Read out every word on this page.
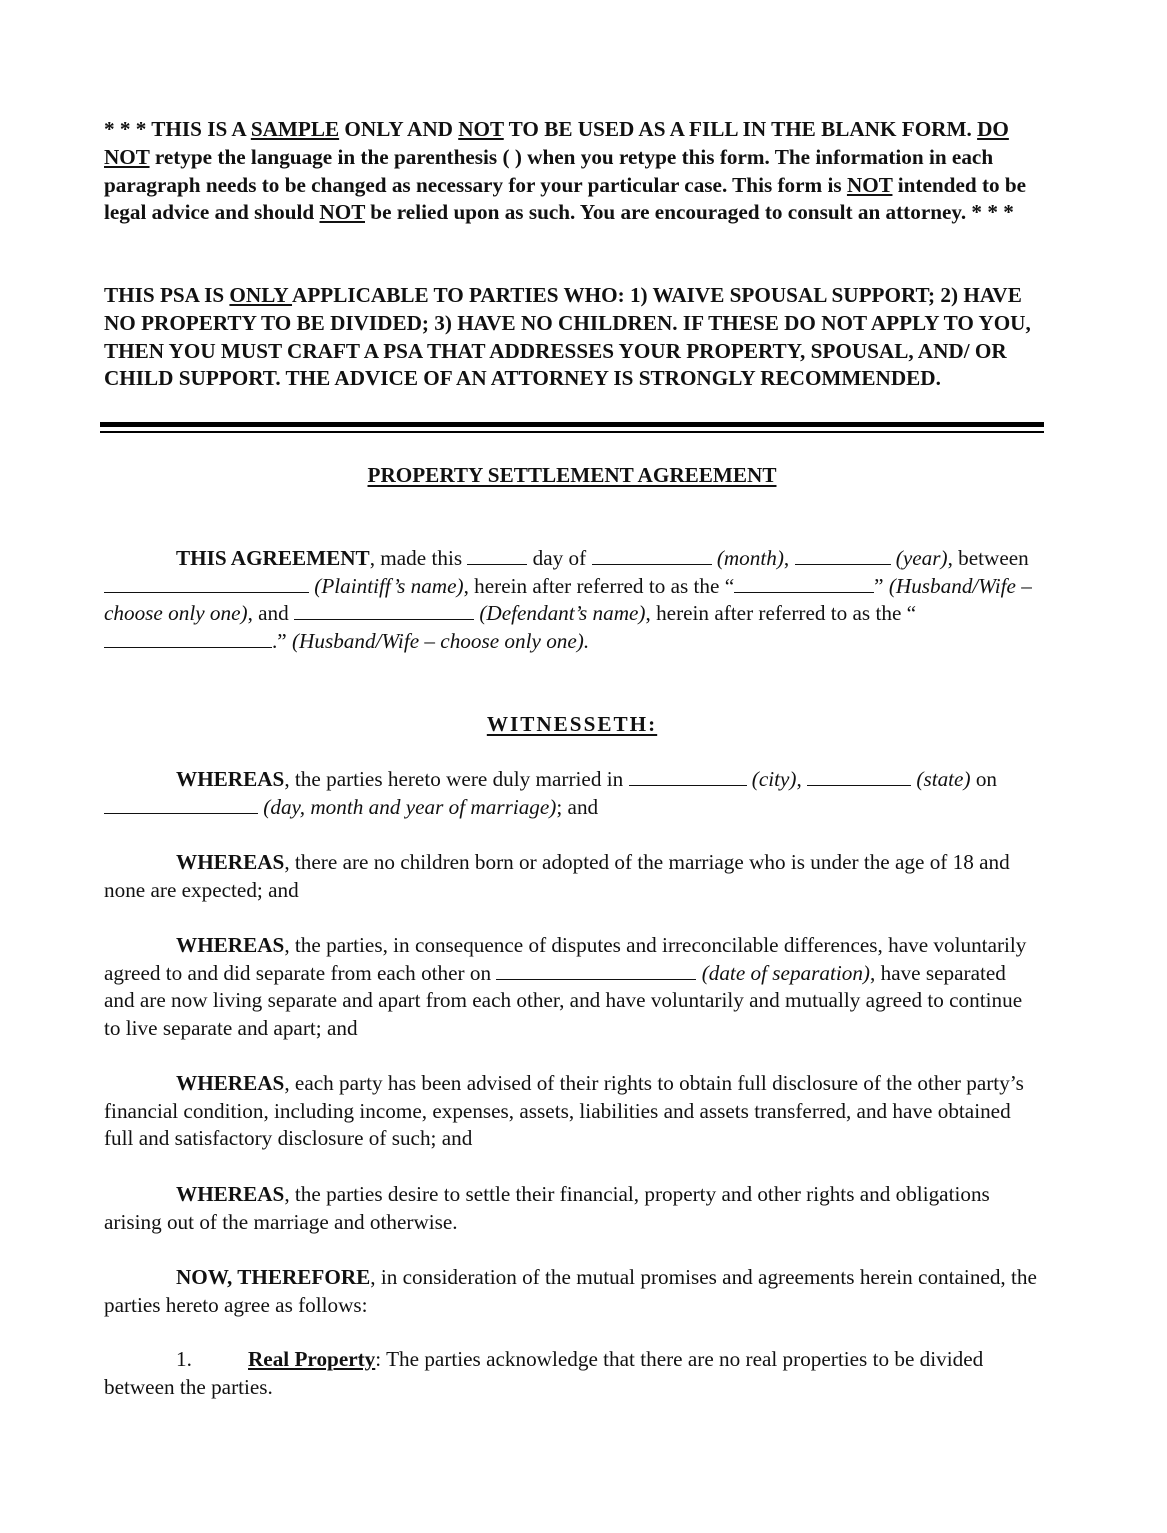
* * * THIS IS A SAMPLE ONLY AND NOT TO BE USED AS A FILL IN THE BLANK FORM. DO NOT retype the language in the parenthesis ( ) when you retype this form. The information in each paragraph needs to be changed as necessary for your particular case. This form is NOT intended to be legal advice and should NOT be relied upon as such. You are encouraged to consult an attorney. * * *

THIS PSA IS ONLY APPLICABLE TO PARTIES WHO: 1) WAIVE SPOUSAL SUPPORT; 2) HAVE NO PROPERTY TO BE DIVIDED; 3) HAVE NO CHILDREN. IF THESE DO NOT APPLY TO YOU, THEN YOU MUST CRAFT A PSA THAT ADDRESSES YOUR PROPERTY, SPOUSAL, AND/ OR CHILD SUPPORT. THE ADVICE OF AN ATTORNEY IS STRONGLY RECOMMENDED.

PROPERTY SETTLEMENT AGREEMENT

THIS AGREEMENT, made this	day of	(month),	(year), between  (Plaintiff’s name), herein after referred to as the “	” (Husband/Wife – choose only one), and	(Defendant’s name), herein after referred to as the “.” (Husband/Wife – choose only one).

WITNESSETH:

WHEREAS, the parties hereto were duly married in	(city),	(state) on  (day, month and year of marriage); and

WHEREAS, there are no children born or adopted of the marriage who is under the age of 18 and none are expected; and

WHEREAS, the parties, in consequence of disputes and irreconcilable differences, have voluntarily agreed to and did separate from each other on	(date of separation), have separated and are now living separate and apart from each other, and have voluntarily and mutually agreed to continue to live separate and apart; and

WHEREAS, each party has been advised of their rights to obtain full disclosure of the other party’s financial condition, including income, expenses, assets, liabilities and assets transferred, and have obtained full and satisfactory disclosure of such; and

WHEREAS, the parties desire to settle their financial, property and other rights and obligations arising out of the marriage and otherwise.

NOW, THEREFORE, in consideration of the mutual promises and agreements herein contained, the parties hereto agree as follows:

1.	Real Property: The parties acknowledge that there are no real properties to be divided between the parties.
